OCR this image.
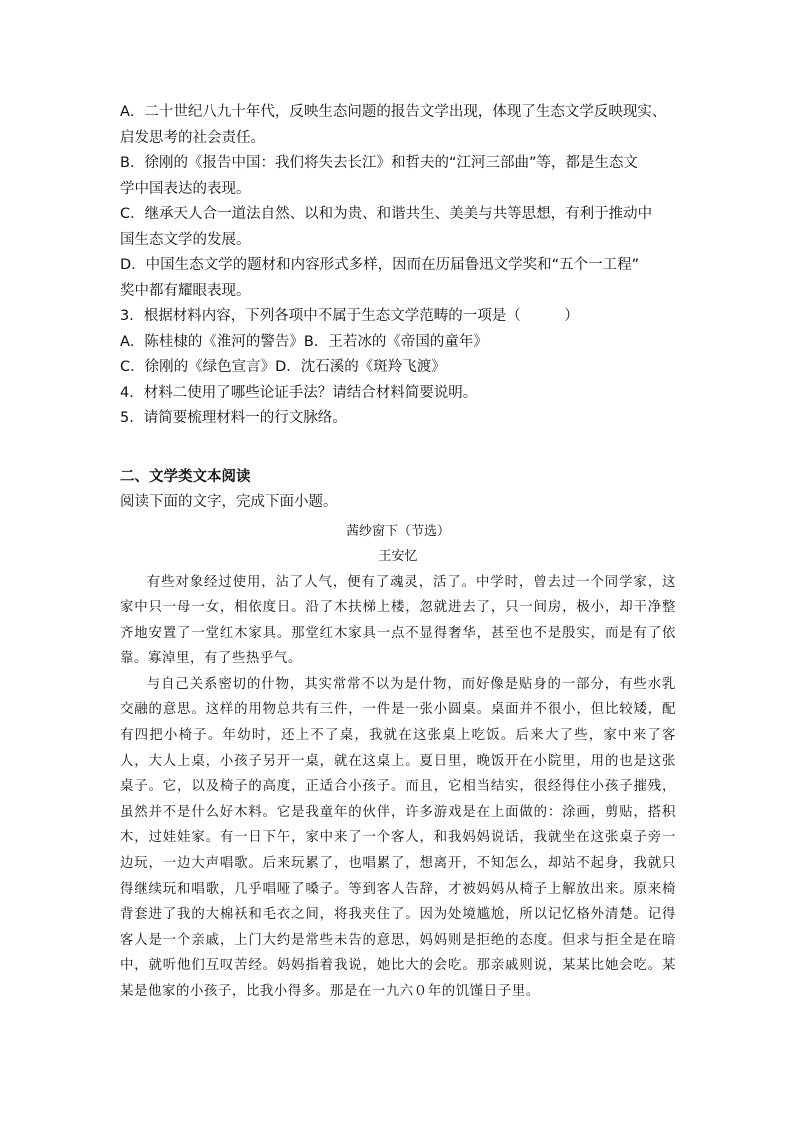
A．二十世纪八九十年代，反映生态问题的报告文学出现，体现了生态文学反映现实、

启发思考的社会责任。

B．徐刚的《报告中国：我们将失去长江》和哲夫的“江河三部曲”等，都是生态文

学中国表达的表现。

C．继承天人合一道法自然、以和为贵、和谐共生、美美与共等思想，有利于推动中

国生态文学的发展。

D．中国生态文学的题材和内容形式多样，因而在历届鲁迅文学奖和“五个一工程”

奖中都有耀眼表现。

3．根据材料内容，下列各项中不属于生态文学范畴的一项是（　　　）

A．陈桂棣的《淮河的警告》B．王若冰的《帝国的童年》

C．徐刚的《绿色宣言》D．沈石溪的《斑羚飞渡》

4．材料二使用了哪些论证手法？请结合材料简要说明。

5．请简要梳理材料一的行文脉络。

二、文学类文本阅读

阅读下面的文字，完成下面小题。

茜纱窗下（节选）

王安忆

有些对象经过使用，沾了人气，便有了魂灵，活了。中学时，曾去过一个同学家，这家中只一母一女，相依度日。沿了木扶梯上楼，忽就进去了，只一间房，极小，却干净整齐地安置了一堂红木家具。那堂红木家具一点不显得奢华，甚至也不是殷实，而是有了依靠。寡淖里，有了些热乎气。

与自己关系密切的什物，其实常常不以为是什物，而好像是贴身的一部分，有些水乳交融的意思。这样的用物总共有三件，一件是一张小圆桌。桌面并不很小，但比较矮，配有四把小椅子。年幼时，还上不了桌，我就在这张桌上吃饭。后来大了些，家中来了客人，大人上桌，小孩子另开一桌，就在这桌上。夏日里，晚饭开在小院里，用的也是这张桌子。它，以及椅子的高度，正适合小孩子。而且，它相当结实，很经得住小孩子摧残，虽然并不是什么好木料。它是我童年的伙伴，许多游戏是在上面做的：涂画，剪贴，搭积木，过娃娃家。有一日下午，家中来了一个客人，和我妈妈说话，我就坐在这张桌子旁一边玩，一边大声唱歌。后来玩累了，也唱累了，想离开，不知怎么，却站不起身，我就只得继续玩和唱歌，几乎唱哑了嗓子。等到客人告辞，才被妈妈从椅子上解放出来。原来椅背套进了我的大棉袄和毛衣之间，将我夹住了。因为处境尴尬，所以记忆格外清楚。记得客人是一个亲戚，上门大约是常些未告的意思，妈妈则是拒绝的态度。但求与拒全是在暗中，就听他们互叹苦经。妈妈指着我说，她比大的会吃。那亲戚则说，某某比她会吃。某某是他家的小孩子，比我小得多。那是在一九六０年的饥馑日子里。
